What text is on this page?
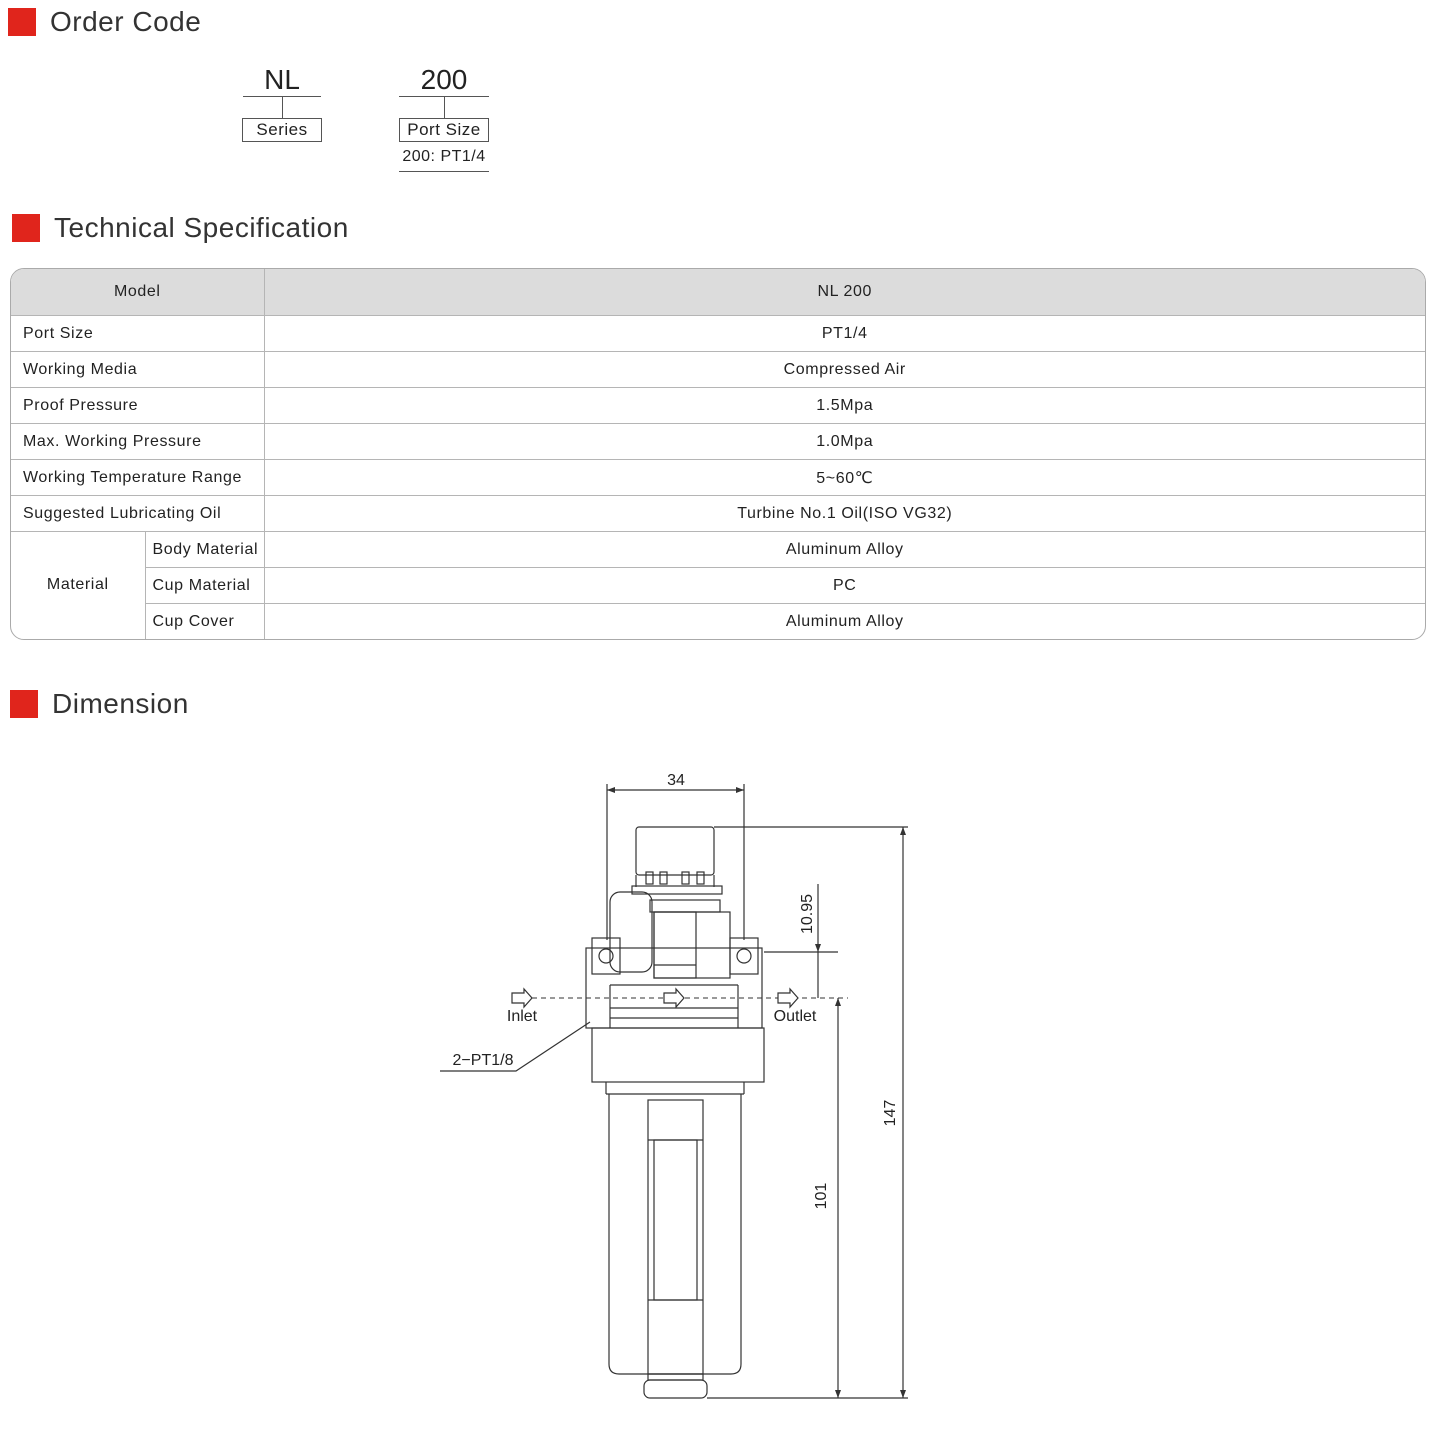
Order Code
NL
Series
200
Port Size
200: PT1/4
Technical Specification
Model		NL 200
Port Size		PT1/4
Working Media		Compressed Air
Proof Pressure		1.5Mpa
Max. Working Pressure		1.0Mpa
Working Temperature Range		5~60℃
Suggested Lubricating Oil		Turbine No.1 Oil(ISO VG32)
Material	Body Material	Aluminum Alloy
	Cup Material	PC
	Cup Cover	Aluminum Alloy
Dimension
34
10.95
147
101
Inlet	Outlet
2−PT1/8
